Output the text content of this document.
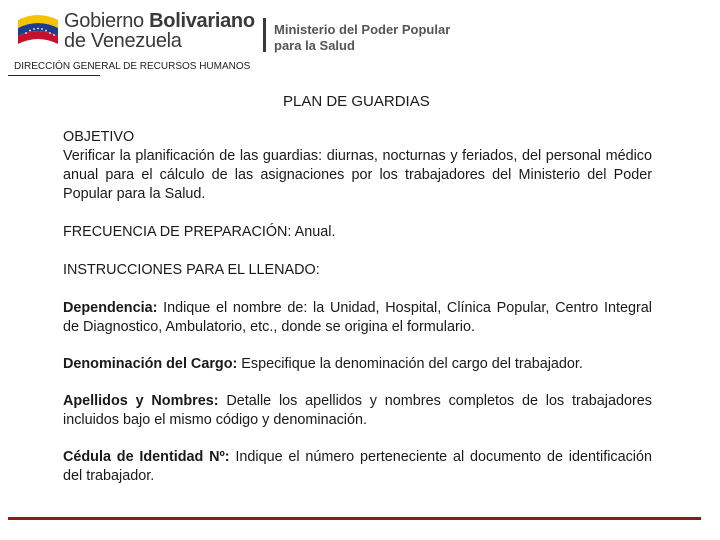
Gobierno Bolivariano
de Venezuela
Ministerio del Poder Popular
para la Salud
DIRECCIÓN GENERAL DE RECURSOS HUMANOS
PLAN DE GUARDIAS

OBJETIVO

Verificar la planificación de las guardias: diurnas, nocturnas y feriados, del personal médico anual para el cálculo de las asignaciones por los trabajadores del Ministerio del Poder Popular para la Salud.

FRECUENCIA DE PREPARACIÓN: Anual.

INSTRUCCIONES PARA EL LLENADO:

Dependencia: Indique el nombre de: la Unidad, Hospital, Clínica Popular, Centro Integral de Diagnostico, Ambulatorio, etc., donde se origina el formulario.

Denominación del Cargo: Especifique la denominación del cargo del trabajador.

Apellidos y Nombres: Detalle los apellidos y nombres completos de los trabajadores incluidos bajo el mismo código y denominación.

Cédula de Identidad Nº: Indique el número perteneciente al documento de identificación del trabajador.
